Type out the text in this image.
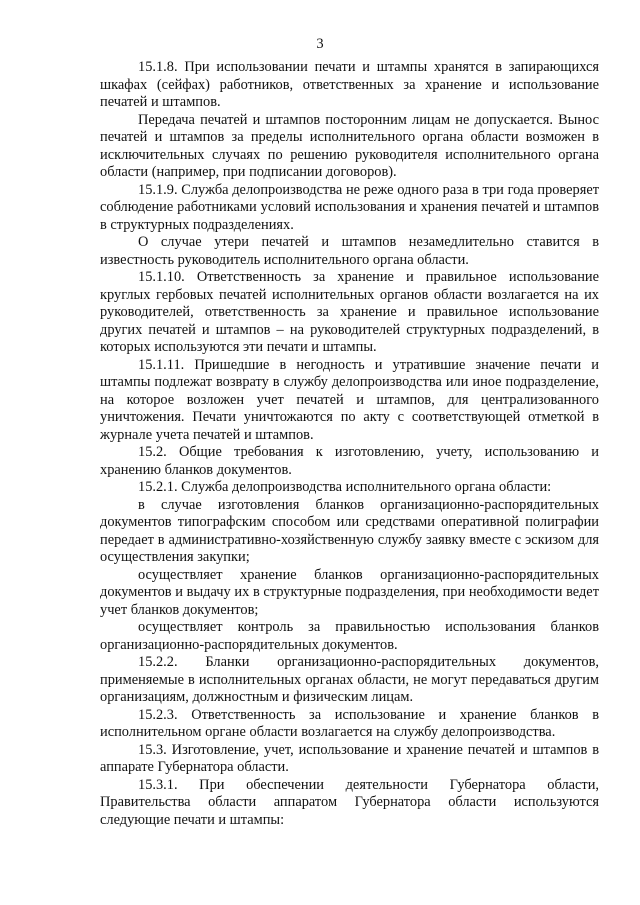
3

15.1.8. При использовании печати и штампы хранятся в запирающихся шкафах (сейфах) работников, ответственных за хранение и использование печатей и штампов.

Передача печатей и штампов посторонним лицам не допускается. Вынос печатей и штампов за пределы исполнительного органа области возможен в исключительных случаях по решению руководителя исполнительного органа области (например, при подписании договоров).

15.1.9. Служба делопроизводства не реже одного раза в три года проверяет соблюдение работниками условий использования и хранения печатей и штампов в структурных подразделениях.

О случае утери печатей и штампов незамедлительно ставится в известность руководитель исполнительного органа области.

15.1.10. Ответственность за хранение и правильное использование круглых гербовых печатей исполнительных органов области возлагается на их руководителей, ответственность за хранение и правильное использование других печатей и штампов – на руководителей структурных подразделений, в которых используются эти печати и штампы.

15.1.11. Пришедшие в негодность и утратившие значение печати и штампы подлежат возврату в службу делопроизводства или иное подразделение, на которое возложен учет печатей и штампов, для централизованного уничтожения. Печати уничтожаются по акту с соответствующей отметкой в журнале учета печатей и штампов.

15.2. Общие требования к изготовлению, учету, использованию и хранению бланков документов.

15.2.1. Служба делопроизводства исполнительного органа области:

в случае изготовления бланков организационно-распорядительных документов типографским способом или средствами оперативной полиграфии передает в административно-хозяйственную службу заявку вместе с эскизом для осуществления закупки;

осуществляет хранение бланков организационно-распорядительных документов и выдачу их в структурные подразделения, при необходимости ведет учет бланков документов;

осуществляет контроль за правильностью использования бланков организационно-распорядительных документов.

15.2.2. Бланки организационно-распорядительных документов, применяемые в исполнительных органах области, не могут передаваться другим организациям, должностным и физическим лицам.

15.2.3. Ответственность за использование и хранение бланков в исполнительном органе области возлагается на службу делопроизводства.

15.3. Изготовление, учет, использование и хранение печатей и штампов в аппарате Губернатора области.

15.3.1. При обеспечении деятельности Губернатора области, Правительства области аппаратом Губернатора области используются следующие печати и штампы:
